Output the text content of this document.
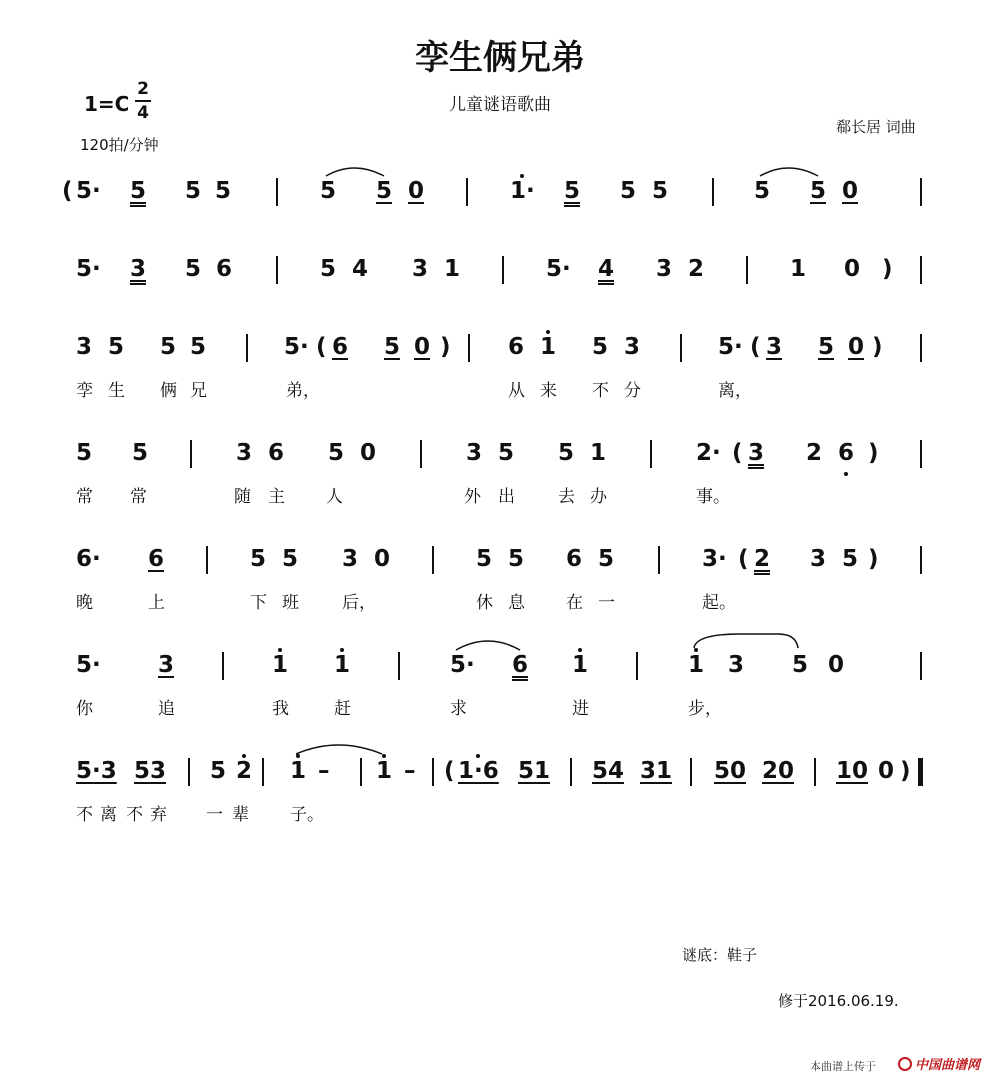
孪生俩兄弟
儿童谜语歌曲
1=C
2
4
120拍/分钟
郗长居 词曲
( 5· 5 5 5	5 5 0	1· 5 5 5	5 5 0
5· 3 5 6	5 4 3 1	5· 4 3 2	1 0 )
3 5 5 5	5· ( 6 5 0 ) 6 1 5 3	5· ( 3 5 0 )
孪 生 俩 兄	弟，	从 来 不 分	离，
5 5	3 6 5 0	3 5 5 1	2· ( 3 2 6 )
常 常	随 主 人	外 出	去 办	事。
6· 6	5 5 3 0	5 5 6 5	3· ( 2 3 5 )
晚	上	下 班	后，	休 息 在 一	起。
5· 3	1 1	5· 6 1	1 3 5 0
你	追	我	赶	求	进	步，
5·3 53 5 2 1 – 1 – ( 1·6 51 54 31 50 20 10 0 )
不 离 不 弃 一 辈 子。
谜底：鞋子
修于2016.06.19.
本曲谱上传于	中国曲谱网
